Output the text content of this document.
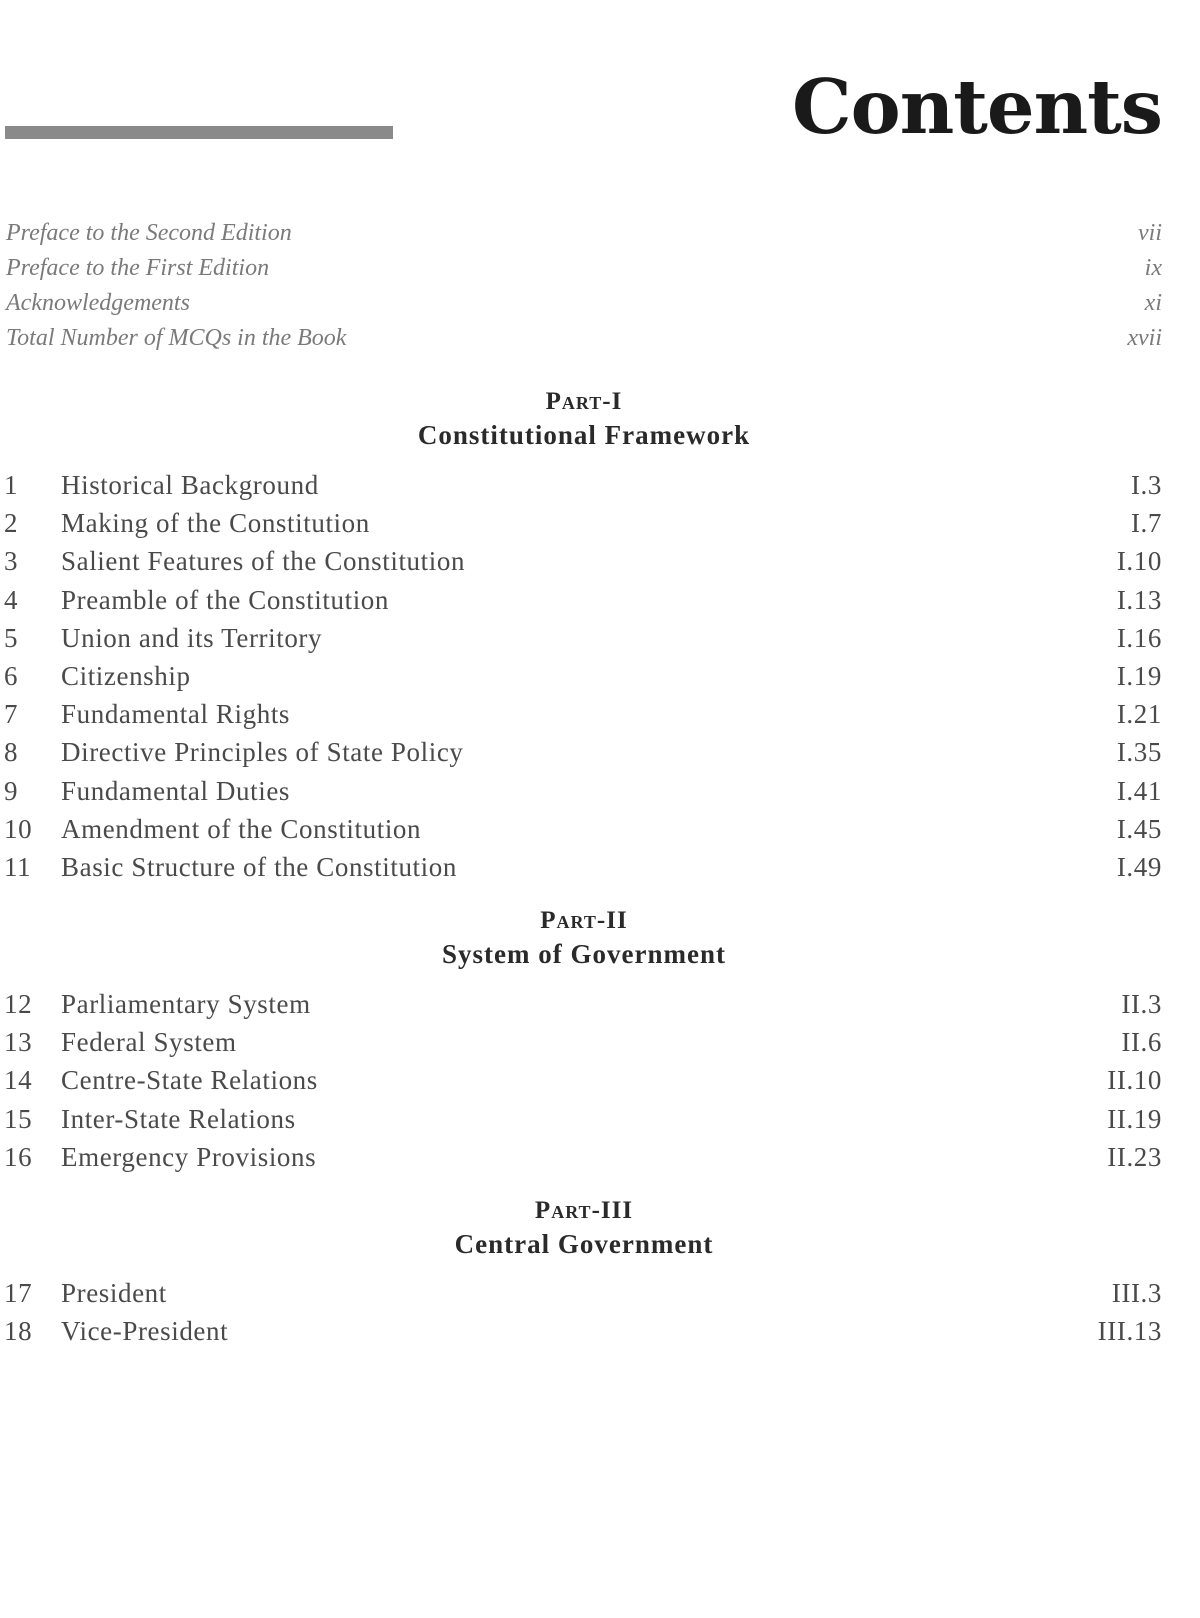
Contents
Preface to the Second Edition	vii
Preface to the First Edition	ix
Acknowledgements	xi
Total Number of MCQs in the Book	xvii
Part-I
Constitutional Framework
1	Historical Background	I.3
2	Making of the Constitution	I.7
3	Salient Features of the Constitution	I.10
4	Preamble of the Constitution	I.13
5	Union and its Territory	I.16
6	Citizenship	I.19
7	Fundamental Rights	I.21
8	Directive Principles of State Policy	I.35
9	Fundamental Duties	I.41
10	Amendment of the Constitution	I.45
11	Basic Structure of the Constitution	I.49
Part-II
System of Government
12	Parliamentary System	II.3
13	Federal System	II.6
14	Centre-State Relations	II.10
15	Inter-State Relations	II.19
16	Emergency Provisions	II.23
Part-III
Central Government
17	President	III.3
18	Vice-President	III.13
